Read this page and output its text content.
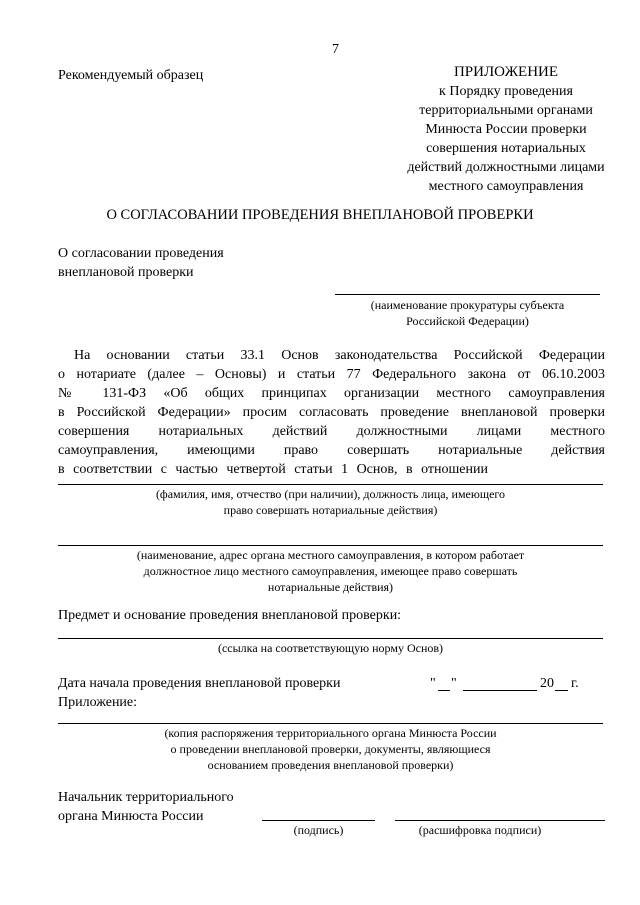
7
Рекомендуемый образец	ПРИЛОЖЕНИЕ
к Порядку проведения
территориальными органами
Минюста России проверки
совершения нотариальных
действий должностными лицами
местного самоуправления
О СОГЛАСОВАНИИ ПРОВЕДЕНИЯ ВНЕПЛАНОВОЙ ПРОВЕРКИ
О согласовании проведения
внеплановой проверки
(наименование прокуратуры субъекта
Российской Федерации)
На основании статьи 33.1 Основ законодательства Российской Федерации
о нотариате (далее – Основы) и статьи 77 Федерального закона от 06.10.2003
№ 131-ФЗ «Об общих принципах организации местного самоуправления
в Российской Федерации» просим согласовать проведение внеплановой проверки
совершения нотариальных действий должностными лицами местного
самоуправления, имеющими право совершать нотариальные действия
в соответствии с частью четвертой статьи 1 Основ, в отношении
(фамилия, имя, отчество (при наличии), должность лица, имеющего
право совершать нотариальные действия)
(наименование, адрес органа местного самоуправления, в котором работает
должностное лицо местного самоуправления, имеющее право совершать
нотариальные действия)
Предмет и основание проведения внеплановой проверки:
(ссылка на соответствующую норму Основ)
Дата начала проведения внеплановой проверки	" "	20 г.
Приложение:
(копия распоряжения территориального органа Минюста России
о проведении внеплановой проверки, документы, являющиеся
основанием проведения внеплановой проверки)
Начальник территориального
органа Минюста России
(подпись)	(расшифровка подписи)
